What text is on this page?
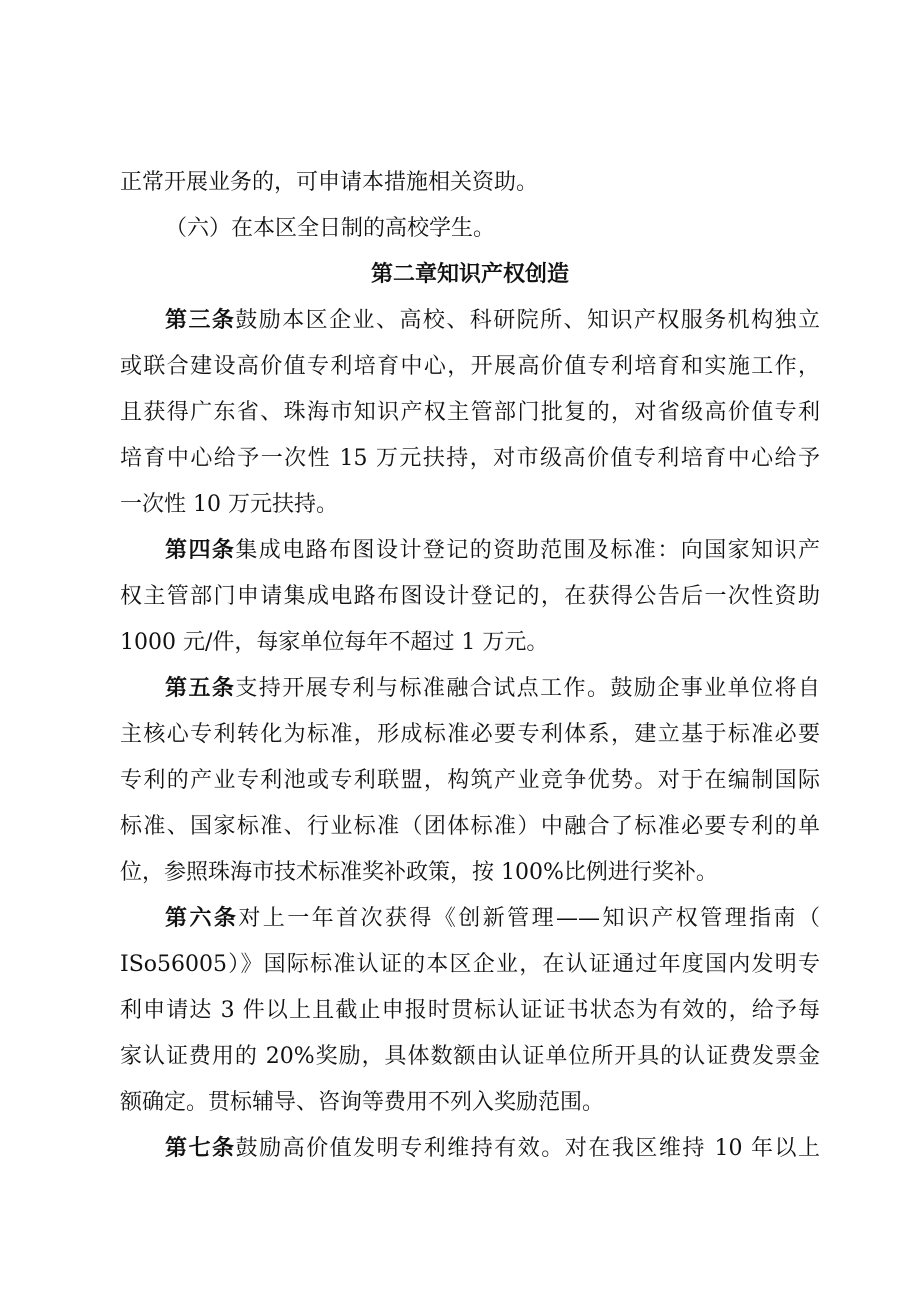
正常开展业务的，可申请本措施相关资助。
（六）在本区全日制的高校学生。
第二章知识产权创造
第三条鼓励本区企业、高校、科研院所、知识产权服务机构独立
或联合建设高价值专利培育中心，开展高价值专利培育和实施工作，
且获得广东省、珠海市知识产权主管部门批复的，对省级高价值专利
培育中心给予一次性 15 万元扶持，对市级高价值专利培育中心给予
一次性 10 万元扶持。
第四条集成电路布图设计登记的资助范围及标准：向国家知识产
权主管部门申请集成电路布图设计登记的，在获得公告后一次性资助
1000 元/件，每家单位每年不超过 1 万元。
第五条支持开展专利与标准融合试点工作。鼓励企事业单位将自
主核心专利转化为标准，形成标准必要专利体系，建立基于标准必要
专利的产业专利池或专利联盟，构筑产业竞争优势。对于在编制国际
标准、国家标准、行业标准（团体标准）中融合了标准必要专利的单
位，参照珠海市技术标准奖补政策，按 100%比例进行奖补。
第六条对上一年首次获得《创新管理——知识产权管理指南（
ISo56005）》国际标准认证的本区企业，在认证通过年度国内发明专
利申请达 3 件以上且截止申报时贯标认证证书状态为有效的，给予每
家认证费用的 20%奖励，具体数额由认证单位所开具的认证费发票金
额确定。贯标辅导、咨询等费用不列入奖励范围。
第七条鼓励高价值发明专利维持有效。对在我区维持 10 年以上
